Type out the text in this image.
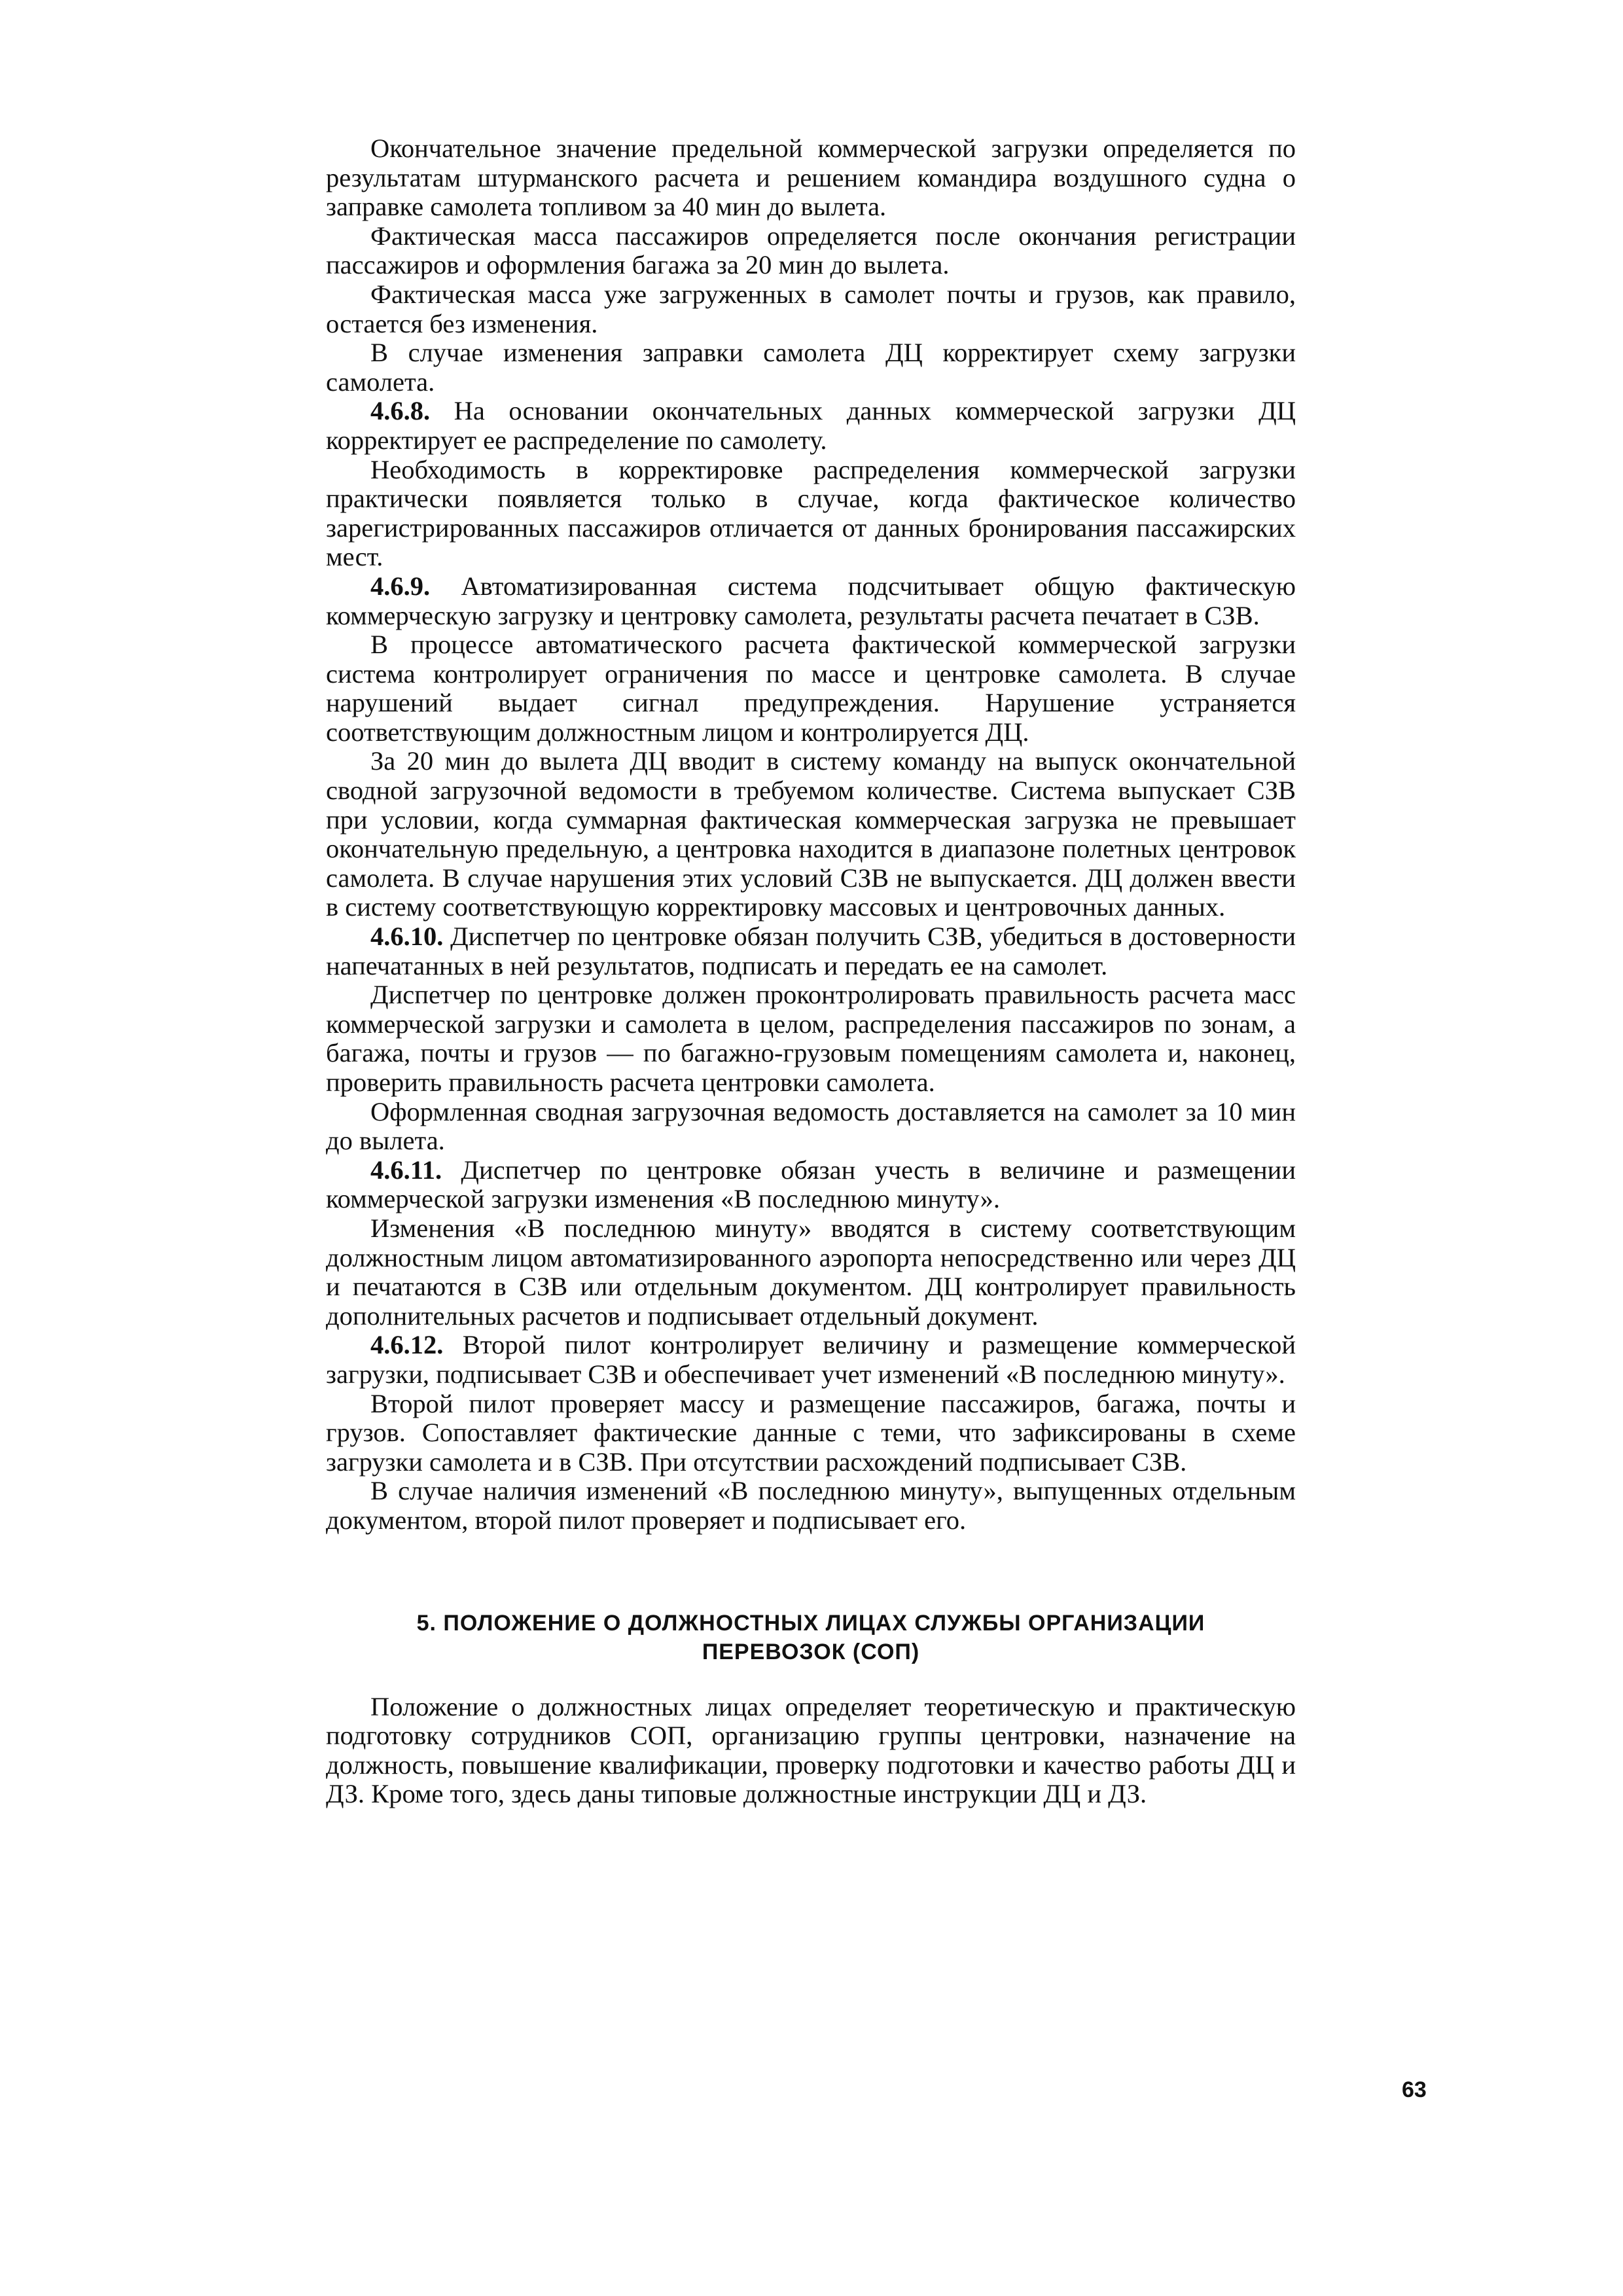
Окончательное значение предельной коммерческой загрузки определяется по результатам штурманского расчета и решением командира воздушного судна о заправке самолета топливом за 40 мин до вылета.

Фактическая масса пассажиров определяется после окончания регистрации пассажиров и оформления багажа за 20 мин до вылета.

Фактическая масса уже загруженных в самолет почты и грузов, как правило, остается без изменения.

В случае изменения заправки самолета ДЦ корректирует схему загрузки самолета.

4.6.8. На основании окончательных данных коммерческой загрузки ДЦ корректирует ее распределение по самолету.

Необходимость в корректировке распределения коммерческой загрузки практически появляется только в случае, когда фактическое количество зарегистрированных пассажиров отличается от данных бронирования пассажирских мест.

4.6.9. Автоматизированная система подсчитывает общую фактическую коммерческую загрузку и центровку самолета, результаты расчета печатает в СЗВ.

В процессе автоматического расчета фактической коммерческой загрузки система контролирует ограничения по массе и центровке самолета. В случае нарушений выдает сигнал предупреждения. Нарушение устраняется соответствующим должностным лицом и контролируется ДЦ.

За 20 мин до вылета ДЦ вводит в систему команду на выпуск окончательной сводной загрузочной ведомости в требуемом количестве. Система выпускает СЗВ при условии, когда суммарная фактическая коммерческая загрузка не превышает окончательную предельную, а центровка находится в диапазоне полетных центровок самолета. В случае нарушения этих условий СЗВ не выпускается. ДЦ должен ввести в систему соответствующую корректировку массовых и центровочных данных.

4.6.10. Диспетчер по центровке обязан получить СЗВ, убедиться в достоверности напечатанных в ней результатов, подписать и передать ее на самолет.

Диспетчер по центровке должен проконтролировать правильность расчета масс коммерческой загрузки и самолета в целом, распределения пассажиров по зонам, а багажа, почты и грузов — по багажно-грузовым помещениям самолета и, наконец, проверить правильность расчета центровки самолета.

Оформленная сводная загрузочная ведомость доставляется на самолет за 10 мин до вылета.

4.6.11. Диспетчер по центровке обязан учесть в величине и размещении коммерческой загрузки изменения «В последнюю минуту».

Изменения «В последнюю минуту» вводятся в систему соответствующим должностным лицом автоматизированного аэропорта непосредственно или через ДЦ и печатаются в СЗВ или отдельным документом. ДЦ контролирует правильность дополнительных расчетов и подписывает отдельный документ.

4.6.12. Второй пилот контролирует величину и размещение коммерческой загрузки, подписывает СЗВ и обеспечивает учет изменений «В последнюю минуту».

Второй пилот проверяет массу и размещение пассажиров, багажа, почты и грузов. Сопоставляет фактические данные с теми, что зафиксированы в схеме загрузки самолета и в СЗВ. При отсутствии расхождений подписывает СЗВ.

В случае наличия изменений «В последнюю минуту», выпущенных отдельным документом, второй пилот проверяет и подписывает его.

5. ПОЛОЖЕНИЕ О ДОЛЖНОСТНЫХ ЛИЦАХ СЛУЖБЫ ОРГАНИЗАЦИИ
ПЕРЕВОЗОК (СОП)

Положение о должностных лицах определяет теоретическую и практическую подготовку сотрудников СОП, организацию группы центровки, назначение на должность, повышение квалификации, проверку подготовки и качество работы ДЦ и ДЗ. Кроме того, здесь даны типовые должностные инструкции ДЦ и ДЗ.

63
